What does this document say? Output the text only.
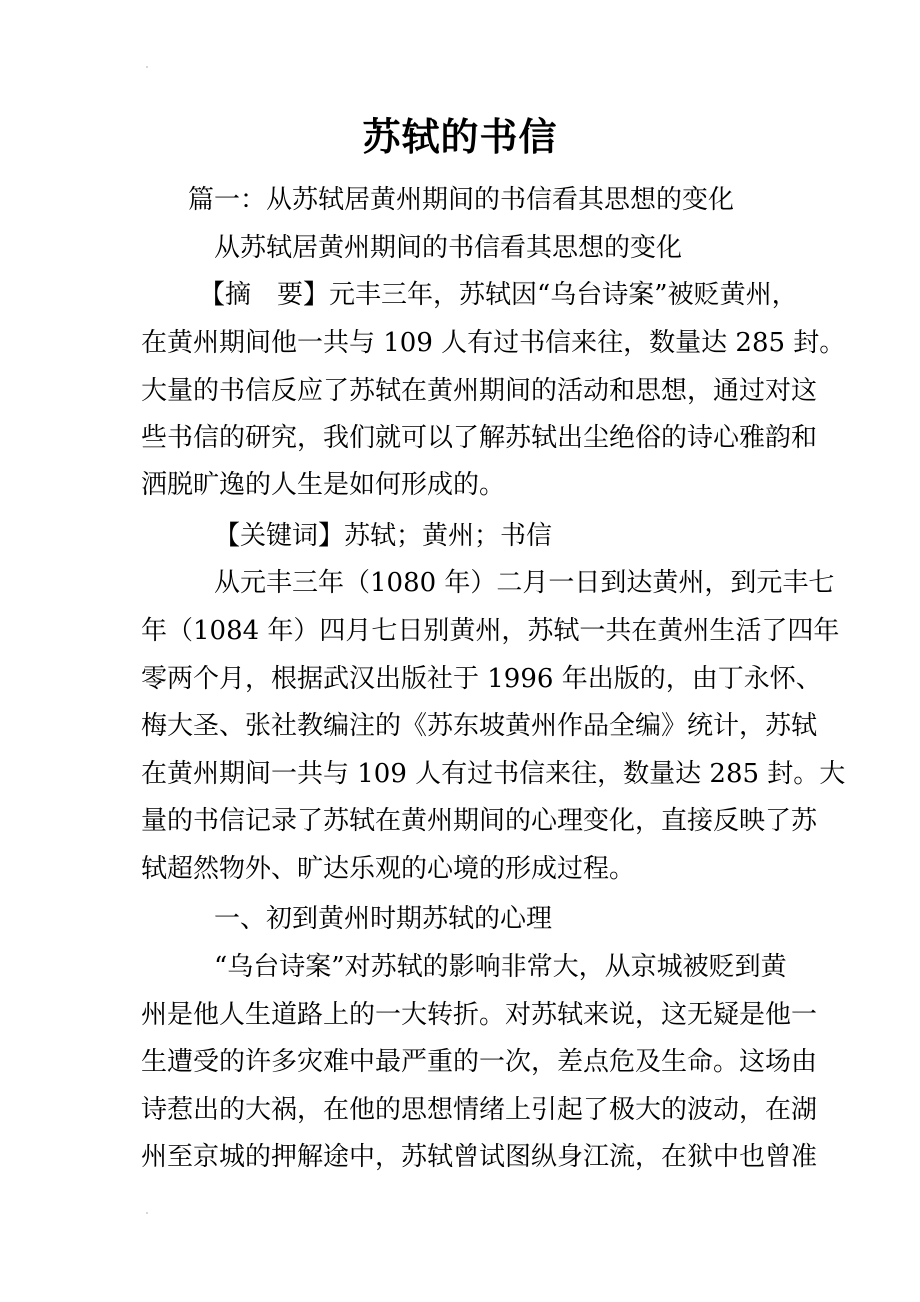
苏轼的书信
篇一：从苏轼居黄州期间的书信看其思想的变化
从苏轼居黄州期间的书信看其思想的变化
【摘　要】元丰三年，苏轼因“乌台诗案”被贬黄州，
在黄州期间他一共与 109 人有过书信来往，数量达 285 封。
大量的书信反应了苏轼在黄州期间的活动和思想，通过对这
些书信的研究，我们就可以了解苏轼出尘绝俗的诗心雅韵和
洒脱旷逸的人生是如何形成的。
【关键词】苏轼；黄州；书信
从元丰三年（1080 年）二月一日到达黄州，到元丰七
年（1084 年）四月七日别黄州，苏轼一共在黄州生活了四年
零两个月，根据武汉出版社于 1996 年出版的，由丁永怀、
梅大圣、张社教编注的《苏东坡黄州作品全编》统计，苏轼
在黄州期间一共与 109 人有过书信来往，数量达 285 封。大
量的书信记录了苏轼在黄州期间的心理变化，直接反映了苏
轼超然物外、旷达乐观的心境的形成过程。
一、初到黄州时期苏轼的心理
“乌台诗案”对苏轼的影响非常大，从京城被贬到黄
州是他人生道路上的一大转折。对苏轼来说，这无疑是他一
生遭受的许多灾难中最严重的一次，差点危及生命。这场由
诗惹出的大祸，在他的思想情绪上引起了极大的波动，在湖
州至京城的押解途中，苏轼曾试图纵身江流，在狱中也曾准
